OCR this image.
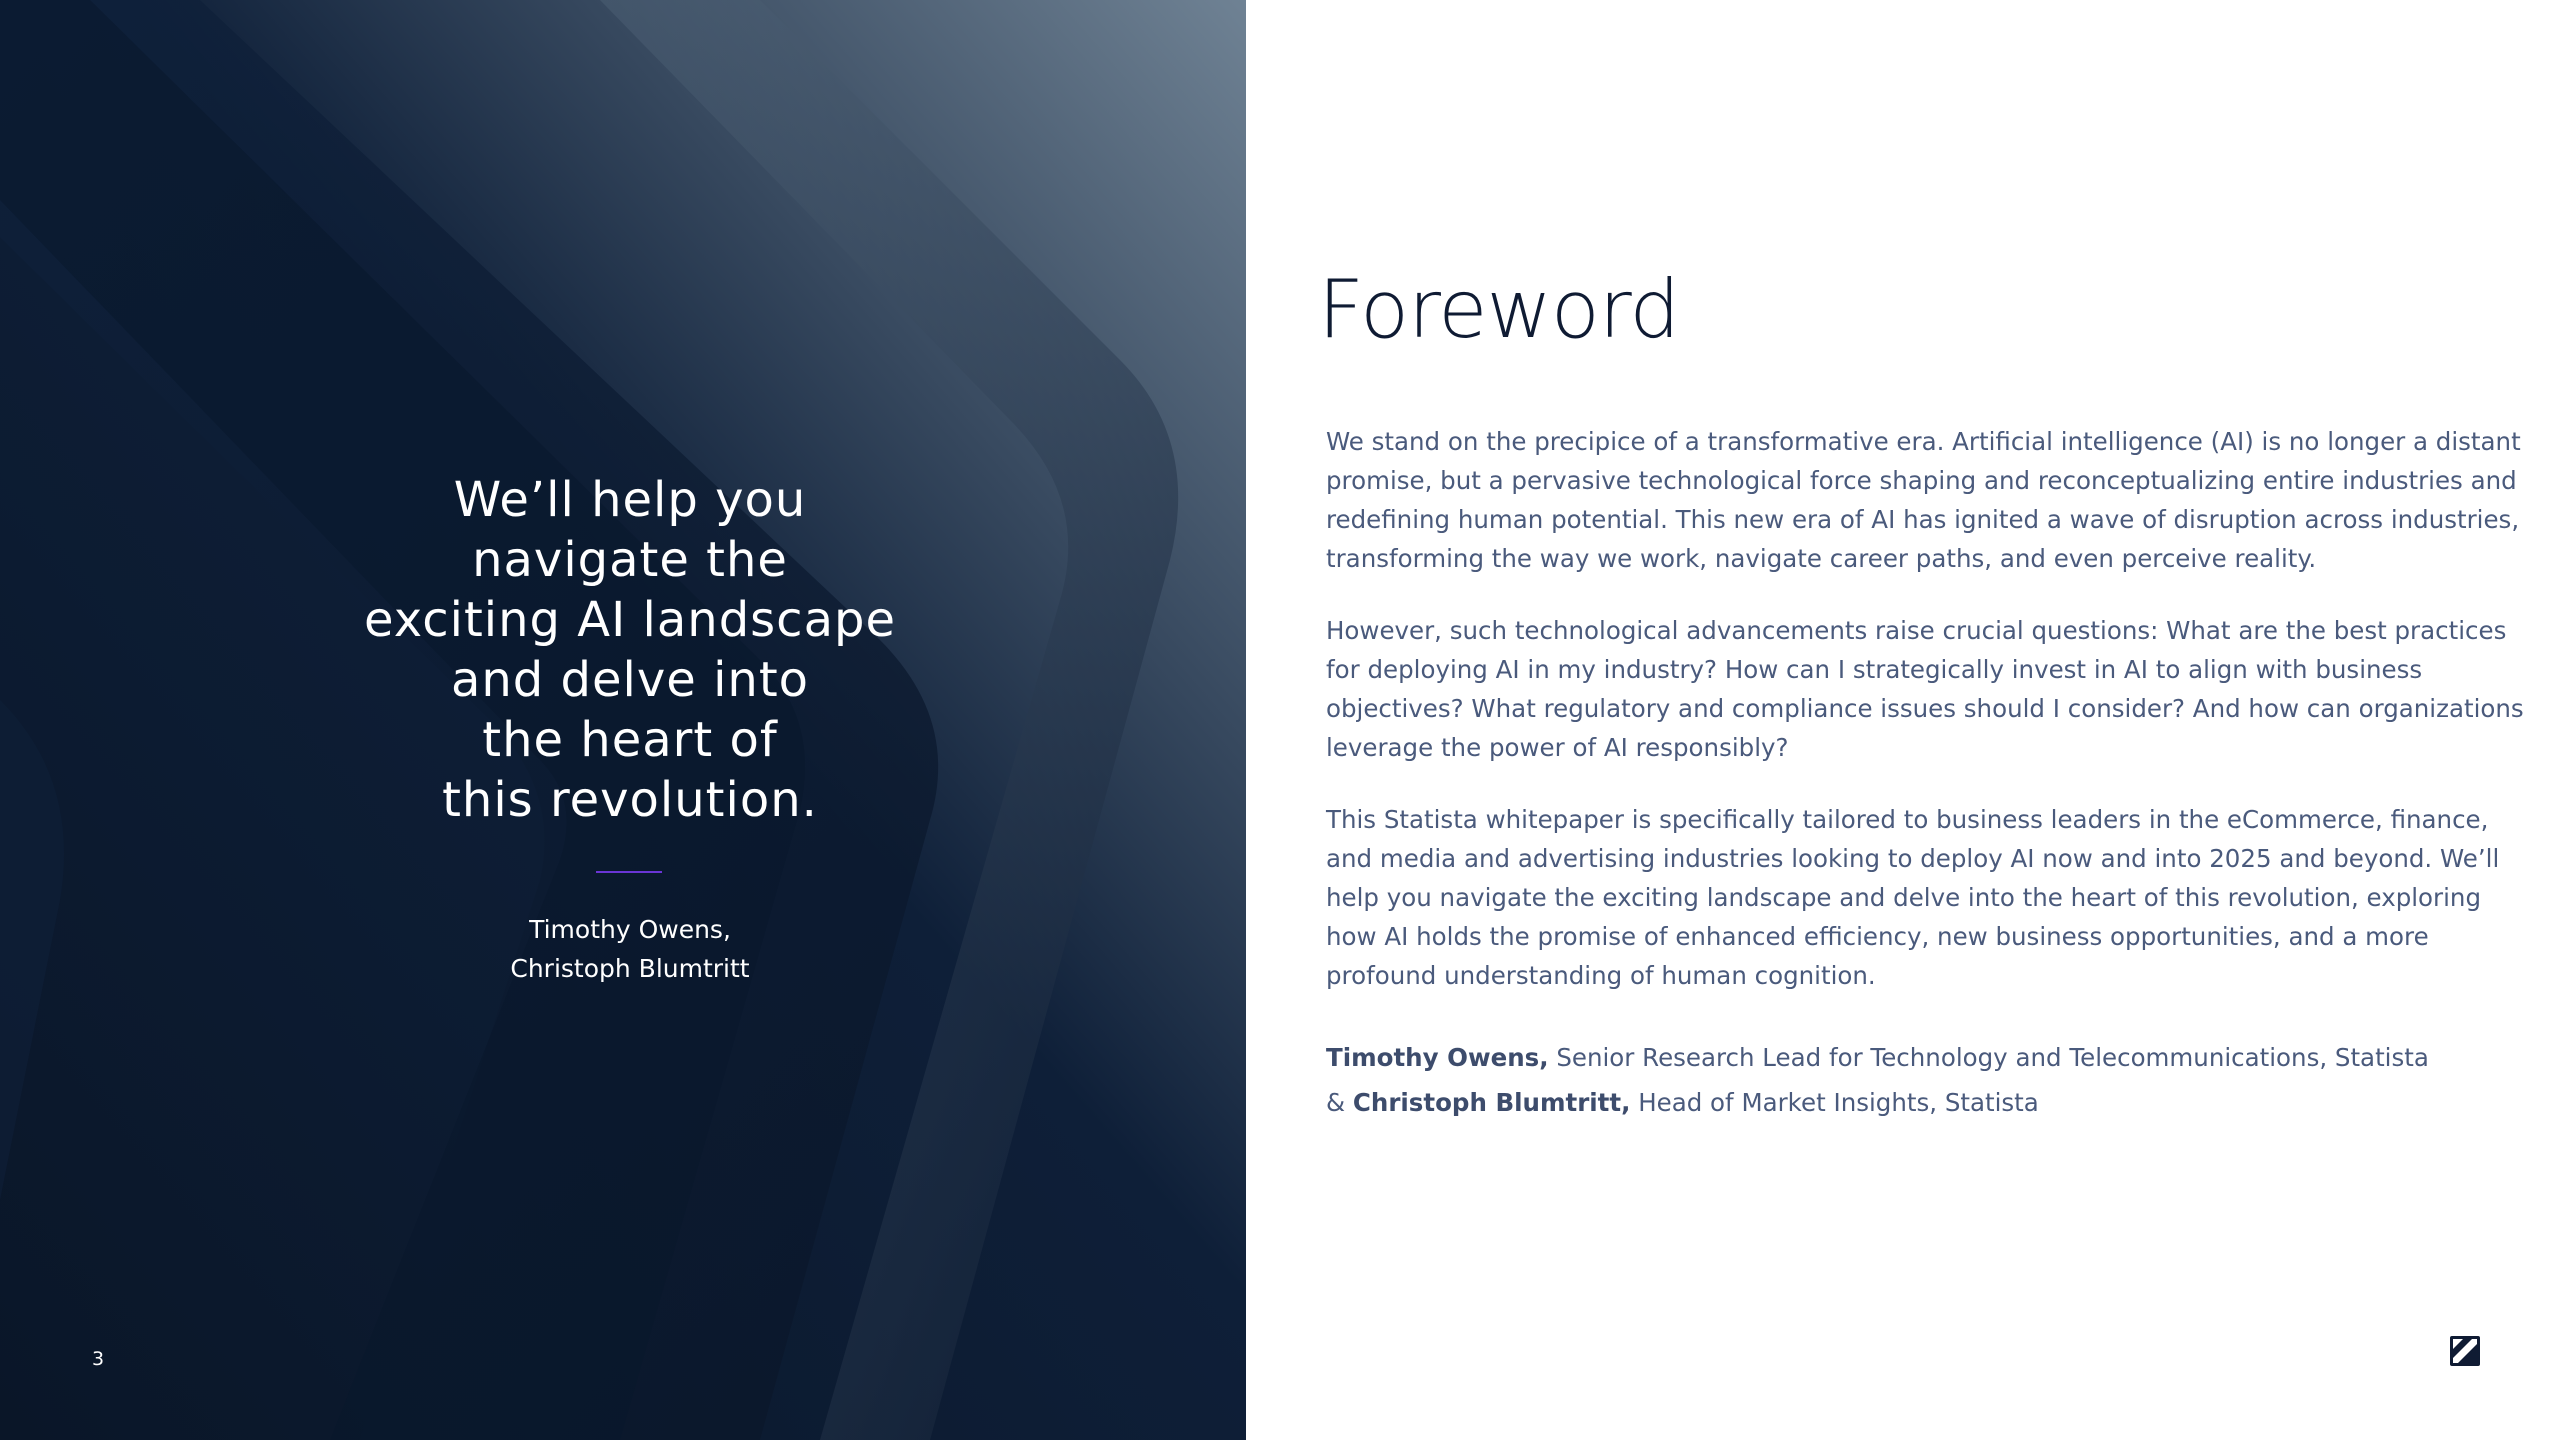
We’ll help you
navigate the
exciting AI landscape
and delve into
the heart of
this revolution.
Timothy Owens,
Christoph Blumtritt
3
Foreword

We stand on the precipice of a transformative era. Artificial intelligence (AI) is no longer a distant promise, but a pervasive technological force shaping and reconceptualizing entire industries and redefining human potential. This new era of AI has ignited a wave of disruption across industries, transforming the way we work, navigate career paths, and even perceive reality.

However, such technological advancements raise crucial questions: What are the best practices for deploying AI in my industry? How can I strategically invest in AI to align with business objectives? What regulatory and compliance issues should I consider? And how can organizations leverage the power of AI responsibly?

This Statista whitepaper is specifically tailored to business leaders in the eCommerce, finance, and media and advertising industries looking to deploy AI now and into 2025 and beyond. We’ll help you navigate the exciting landscape and delve into the heart of this revolution, exploring how AI holds the promise of enhanced efficiency, new business opportunities, and a more profound understanding of human cognition.

Timothy Owens, Senior Research Lead for Technology and Telecommunications, Statista
& Christoph Blumtritt, Head of Market Insights, Statista
